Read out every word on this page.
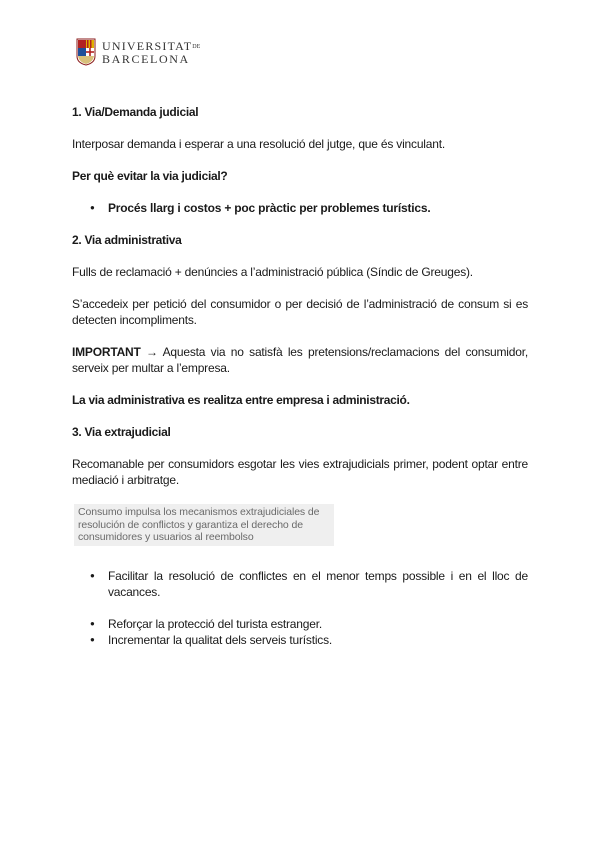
UNIVERSITATDE
BARCELONA
1. Via/Demanda judicial
Interposar demanda i esperar a una resolució del jutge, que és vinculant.
Per què evitar la via judicial?
● Procés llarg i costos + poc pràctic per problemes turístics.
2. Via administrativa
Fulls de reclamació + denúncies a l’administració pública (Síndic de Greuges).
S’accedeix per petició del consumidor o per decisió de l’administració de consum si es detecten incompliments.
IMPORTANT → Aquesta via no satisfà les pretensions/reclamacions del consumidor, serveix per multar a l’empresa.
La via administrativa es realitza entre empresa i administració.
3. Via extrajudicial
Recomanable per consumidors esgotar les vies extrajudicials primer, podent optar entre mediació i arbitratge.
Consumo impulsa los mecanismos extrajudiciales de resolución de conflictos y garantiza el derecho de consumidores y usuarios al reembolso
● Facilitar la resolució de conflictes en el menor temps possible i en el lloc de vacances.
● Reforçar la protecció del turista estranger.
● Incrementar la qualitat dels serveis turístics.
